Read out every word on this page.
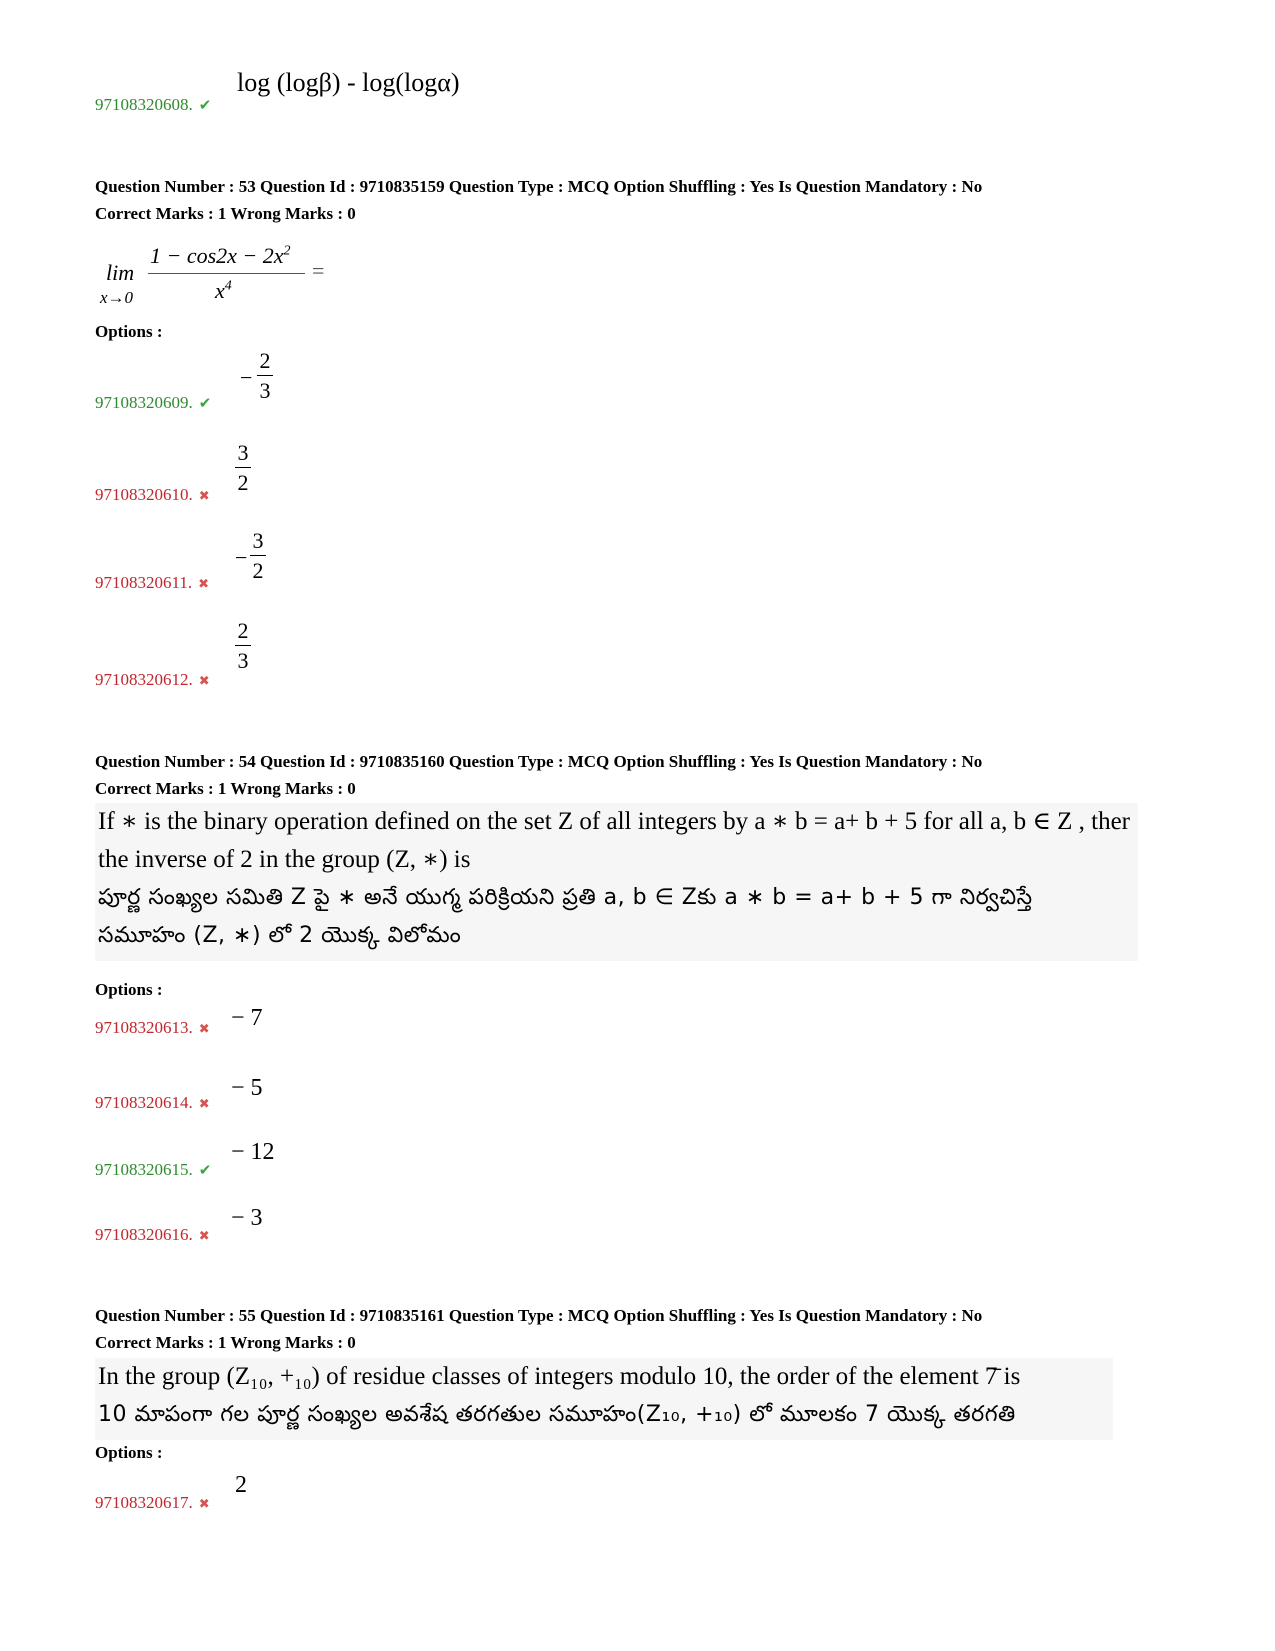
log (logβ) - log(logα)
97108320608. ✔
Question Number : 53 Question Id : 9710835159 Question Type : MCQ Option Shuffling : Yes Is Question Mandatory : No
Correct Marks : 1 Wrong Marks : 0
lim
x→0
$1 - \cos 2x - 2x^2$
$x^4$
=
Options :
−
2
3
97108320609. ✔
3
2
97108320610. ✖
−
3
2
97108320611. ✖
2
3
97108320612. ✖
Question Number : 54 Question Id : 9710835160 Question Type : MCQ Option Shuffling : Yes Is Question Mandatory : No
Correct Marks : 1 Wrong Marks : 0
If ∗ is the binary operation defined on the set Z of all integers by a ∗ b = a+ b + 5 for all a, b ∈ Z , ther
the inverse of 2 in the group (Z, ∗) is
పూర్ణ సంఖ్యల సమితి Z పై ∗ అనే యుగ్మ పరిక్రియని ప్రతి a, b ∈ Zకు a ∗ b = a+ b + 5 గా నిర్వచిస్తే
సమూహం (Z, ∗) లో 2 యొక్క విలోమం
Options :
− 7
97108320613. ✖
− 5
97108320614. ✖
− 12
97108320615. ✔
− 3
97108320616. ✖
Question Number : 55 Question Id : 9710835161 Question Type : MCQ Option Shuffling : Yes Is Question Mandatory : No
Correct Marks : 1 Wrong Marks : 0
In the group (Z₁₀, +₁₀) of residue classes of integers modulo 10, the order of the element 7̄ is
10 మాపంగా గల పూర్ణ సంఖ్యల అవశేష తరగతుల సమూహం(Z₁₀, +₁₀) లో మూలకం 7̄ యొక్క తరగతి
Options :
2
97108320617. ✖
